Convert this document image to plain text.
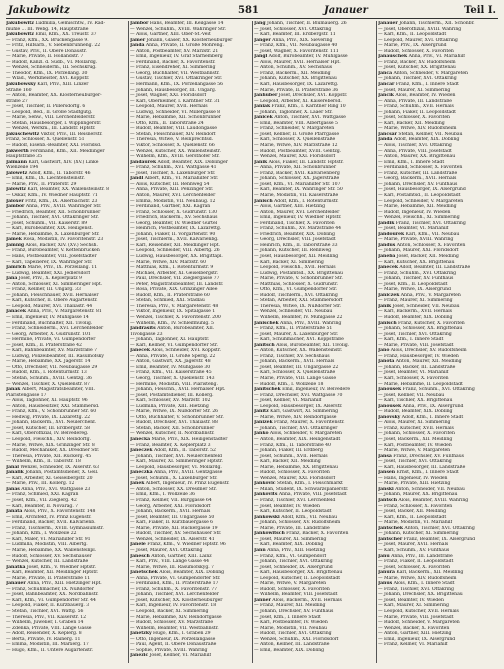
Jakubowitz	581	Janauer	Teil I.
Jakubowitz Ludmilla, Gemischtw., IV. Rad-
mühle ... III. Webg. 14, Hauptstraße
Jakubowitz Emil, Kfm., XX. Treustr. 37
— Franz, Kfm., XX. Brückengasse 9.
— Fritz, Hilfsarb., V. Siebenbrunneng. 22
— Gustav, Priv., II. Obere Donaustr.
— Marie, Private, II. Hollandstr. 7
— Rudolf, Kanzl. d. Südb., VI. Mollardg.
— Wenzel, Schneiderm., III. Sechskrüg.
— Theodor, Kfm., IX. Porzellang. 30
— Wlad., Werkmeister, XVI. Koppstr.
Jakubowsky Karl, Priv., XIII. Linzer
Straße 160
— Anton, Beamter, XX. Klosterneuburger-
straße 27
— Josef, Tischler, II. Pillersdorfg. 6
— Leopold, Bed., II. Große Stadtgutg.
— Marie, Sehw., VIII. Lerchenfelderstr.
— Stefan, Hausbesorger, I. Wipplingerstr.
— Wenzel, Werkm., III. Landstr. Hptstr.
Jakuschewitz Viktor, Priv., III. Reisnerstr.
Franz, Schlosser, X. Quellenstr. 51
— Rudolf, Eisenb.-Beamter, XXI. Floridsd.
Jakwerth Ferdinand, Kfm., XII. Meidlinger
Hauptstraße 35
Jalmann Karl, Gastwirt, XIV. (XV.) Linke
Wienzeile 194
Jalowetz Adolf, Kfm., II. Taborstr. 46
— Emil, Kfm., IX. Liechtensteinstr.
— Marie, Priv., II. Praterstr. 29
Jalowitz Karl, Beamter, XX. Wallensteinstr. 8
— Oskar, Kfm., IV. Wiedner Hauptstr. 71
Jaloxer Fritz, Kfm., IX. Alserbachstr. 23
Jambor Anna, Priv., XVIII. Währinger Str.
— Friedrich, Beamter, XII. Schönbrunner
— Johann, Tischler, XVI. Ottakringer Str.
— Josef, Schuhm., VII. Kaiserstr. 89
— Karl, Bürobeamter, XIX. Heiligenst.
— Marie, Hebamme, X. Laxenburger Str.
Jamek Rosa, Modistin, IV. Favoritenstr. 23
Jamnig Alois, Bäcker, XIV. (XV.) Sechsh.
— Franz, Bürobeamter, V. Kettenbrücken
— Hans, Postbeamter, VIII. Josefstädter
— Karl, Tapezierer, IX. Währinger Str.
Jamrich Marie, Priv., IX. Porzellang. 11
— Ludwig, Beamter, XXI. Jedlersdorf
Jana Josef, Priv., X. Keplerplatz 9
— Anton, Schlosser, XI. Simmeringer Hpt.
— Franz, Kellner, III. Ungarg. 33
— Johann, Fleischhauer, XVII. Hernalser
— Karl, Kutscher, II. Obere Augartenstr.
— Leopold, Maurer, XVI. Thaliastr. 44
Janacek Anna, Priv., V. Margaretenstr. 81
— Emil, Ingenieur, IV. Mühlgasse 14
— Ferdinand, Buchhalter, XII. Tivolig.
— Franz, Schneiderm., XVI. Lerchenfelder
— Georg, Arbeiter, X. Gudrunstr. 101
— Hermine, Private, VI. Gumpendorfer
— Josef, Kfm., II. Praterstraße 42
— Karl, Bahnbeamter, XV. Märzstraße 7
— Ludwig, Polizeibeamter, III. Rasumofsky
— Marie, Hebamme, XX. Jägerstr. 14
— Otto, Drechsler, VII. Neubaugasse 29
— Rudolf, Kfm., I. Rotenturmstr. 13
— Stefan, Schuhm., XVIII. Gentzg. 36
— Wenzel, Tischler, X. Quellenstr. 87
Janak Albert, Magistratsbeamter, VIII.
Piaristengasse 17
— Alois, Taglöhner, XI. Hauptstr. 96
— Anton, Hausbesitzer, XXI. Stammersd.
— Franz, Kfm., V. Schönbrunner Str. 60
— Hedwig, Private, IX. Lazarettg. 22
— Johann, Bäckerm., XVI. Neulerchenf.
— Josef, Kutscher, III. Erdbergstr. 58
— Karl, Oberoffizial, IV. Belvedereg.
— Leopold, Fleischh., XIV. Reindorfg.
— Marie, Witwe, XIX. Grinzinger Str. 8
— Rudolf, Mechaniker, XX. Dresdner Str.
— Theresia, Private, XII. Ruckerg. 45
— Wilhelm, Kfm., II. Taborstr. 18
Janal Wenzel, Schneider, IX. Alserstr. 63
Janalik Johann, Postamtsdiener, X. Gell.
— Karl, Arbeiter, XI. Geiselbergstr. 20
— Marie, Priv., III. Kollerg. 12
Janas Anna, Priv., XVI. Wattgasse 23
— Franz, Schmied, XXI. Kagran
— Josef, Kfm., VII. Zieglerg. 42
— Karl, Beamter, II. Novarag. 7
Janata Alois, Priv., X. Favoritenstr. 148
— Emil, Architekt, IV. Prinz Eugenstr.
— Ferdinand, Bäcker, XVII. Kalvarienb.
— Franz, Tischlerm., XVIII. Gymnasiumstr.
— Johann, Kfm., I. Wollzeile 22
— Karl, Maler, VI. Mariahilfer Str. 91
— Ludmilla, Modistin, VIII. Albertg.
— Marie, Hebamme, XX. Wallensteinpl.
— Rudolf, Schlosser, XV. Sechshauser
— Wenzel, Kutscher, III. Landstraße
Janatka Josef, Kfm., V. Wiedner Hptstr.
— Karl, Beamter, XII. Meidlinger Hptstr.
— Marie, Private, II. Praterstraße 11
Janauer Anna, Priv., XIII. Hietzinger Hpt.
— Franz, Schuhmacher, IX. Nußdorfer
— Josef, Bahnbeamter, XX. Nordbahnstr.
— Karl, Kfm., VI. Gumpendorfer Str. 44
— Leopold, Fiaker, II. Kurzbauerg. 3
— Stefan, Tischler, XVI. Wattg. 56
— Theresia, Priv., VII. Kaiserstr. 12
— Wilhelm, Juwelier, I. Graben 14
— Zdenka, Private, VIII. Lange Gasse
— Adolf, Reisender, X. Keplerg. 8
— Berta, Private, IV. Rainerg. 11
— Emma, Modistin, III. Marxerg. 17
— Hugo, Kfm., II. Untere Augartenstr.
Jambor Hans, Beamter, III. Keilgasse 14
— Wenzel, Schuhm., XVIII. Währinger Str.
— Alois, Gärtner, XIII. Ober-St.-Veit
Jamer Johann, Glaser, XX. Klosterneuburger
Janda Anna, Private, II. Große Mohreng.
— Anton, Postbeamter, XV. Märzstr. 21
— Emil, Ingenieur, IV. Graf Starhemberg
— Ferdinand, Bäcker, X. Favoritenstr.
— Franz, Eisendreher, XI. Simmering
— Georg, Buchhalter, VII. Westbahnstr.
— Gustav, Tischler, XVI. Ottakringer Str.
— Hermann, Kfm., IX. Porzellangasse 56
— Johann, Hausbesorger, III. Ungarg.
— Josef, Wagner, XXI. Floridsdorf
— Karl, Oberkellner, I. Kärntner Str. 31
— Leopold, Maurer, XVII. Hernals
— Ludwig, Schneider, VI. Millergasse 8
— Marie, Hebamme, XII. Schönbrunner
— Otto, Kfm., II. Taborstraße 24
— Rudolf, Beamter, VIII. Laudongasse
— Stefan, Fleischhauer, XIV. Reindorf
— Theresia, Witwe, V. Reinprechtsd.
— Viktor, Schlosser, X. Quellenstr. 66
— Wenzel, Kutscher, XX. Wallensteinstr.
— Wilhelm, Kfm., XVIII. Gersthofer Str.
Jandaurek Adolf, Beamter, XIX. Döblinger
— Franz, Schuhm., XVI. Wattgasse 41
— Josef, Tischler, X. Laxenburger Str.
Jandl Albert, Kfm., VI. Mariahilfer Str.
— Alois, Kutscher, III. Rennweg 54
— Anna, Private, XIII. Penzinger Str.
— Anton, Maurer, XVI. Lerchenfelder
— Emma, Modistin, VII. Neubaug. 12
— Ferdinand, Gärtner, XXI. Kagran
— Franz, Schlosser, X. Gudrunstr. 130
— Friedrich, Bäckerm., XV. Sechshaus
— Georg, Beamter, IV. Wiedner Gürtel
— Heinrich, Postbeamter, IX. Lazarettg.
— Johann, Fiaker, II. Vorgartenstr. 90
— Josef, Tischlerm., XVII. Kalvarienbg.
— Karl, Reisender, XII. Meidlinger Hpt.
— Leopold, Schneider, VIII. Albertg. 26
— Ludwig, Hausbesorger, XX. Brigittapl.
— Marie, Witwe, XIV. Märzstr. 60
— Matthias, Kfm., I. Rotenturmstr. 9
— Michael, Arbeiter, XI. Geiselbergstr.
— Paul, Drechsler, VII. Zieglergasse 77
— Peter, Magistratsbeamter, III. Landstr.
— Rosa, Private, XIX. Grinzinger Allee
— Rudolf, Kfm., II. Praterstraße 60
— Stefan, Schmied, XXI. Stadlau
— Theresia, Priv., V. Margaretenstr. 48
— Viktor, Ingenieur, IX. Spitalgasse 1
— Wenzel, Tischler, X. Favoritenstr. 200
— Wilhelm, Kfm., IV. Schleifmühlg. 5
Jandrasits Anton, Bürobeamter, XII.
Tivoligasse 23
— Johann, Taglöhner, XI. Hauptstr.
— Karl, Kellner, VI. Gumpendorfer Str.
Janecek Alois, Schneider, XVI. Koppstr.
— Anna, Private, II. Große Sperlg. 22
— Anton, Gastwirt, XX. Jägerstr. 48
— Emil, Beamter, IV. Mühlgasse 30
— Franz, Kfm., VII. Kaiserstraße 45
— Georg, Tischler, X. Quellenstr. 143
— Hermine, Modistin, VIII. Piaristeng.
— Johann, Fleischh., XVII. Hernalser Hpt.
— Josef, Postamtsdiener, III. Kollerg.
— Karl, Schlosser, XV. Märzstr. 102
— Ludmilla, Private, XIII. Hietzing
— Marie, Witwe, IX. Nußdorfer Str. 26
— Otto, Buchhalter, V. Schönbrunner Str.
— Rudolf, Drechsler, XVI. Thaliastr. 88
— Stefan, Bäcker, XII. Schönbrunner
— Wenzel, Kutscher, II. Nordbahnstr.
Janecka Marie, Priv., XIX. Heiligenstädter
— Franz, Beamter, X. Keplerplatz 3
Janeczek Adolf, Kfm., II. Taborstr. 52
— Johann, Tischler, XVI. Neulerchenfeld
— Karl, Maurer, XI. Simmeringer Hptstr.
— Leopold, Hausbesorger, VI. Mollardg.
Janeczka Anna, Priv., XVIII. Gentzgasse
— Josef, Schuhm., X. Laxenburger Str.
Janek Albert, Ingenieur, IV. Prinz Eugenstr.
— Anton, Schlosser, XX. Dresdner Str.
— Emil, Kfm., I. Wollzeile 36
— Franz, Kellner, VII. Burggasse 64
— Georg, Arbeiter, XXI. Floridsdorf
— Johann, Bäckerm., XVII. Hernals
— Josef, Beamter, III. Ungargasse 50
— Karl, Fiaker, II. Kurzbauergasse 6
— Marie, Private, XII. Ruckergasse 19
— Rudolf, Tischler, XV. Sechshauser Str.
— Wenzel, Schneider, IX. Alserstr. 41
Janele Franz, Kfm., V. Wiedner Hptstr. 96
— Josef, Maurer, XVI. Ottakring
Janesch Anton, Gärtner, XIII. Lainz
— Karl, Priv., VIII. Lange Gasse 44
— Marie, Witwe, III. Rasumofskyg. 7
Janetschek Alois, Beamter, XIX. Döbling
— Anna, Private, VI. Gumpendorfer Str.
— Ferdinand, Kfm., II. Praterstraße 17
— Franz, Schuhm., X. Favoritenstr. 77
— Johann, Tischler, XVI. Lerchenfelder
— Josef, Kutscher, XX. Klosterneuburger
— Karl, Ingenieur, IV. Favoritenstr. 18
— Leopold, Bäcker, XI. Simmering
— Marie, Hebamme, XIV. Reindorfgasse
— Rudolf, Schlosser, XV. Märzstraße
— Wilhelm, Beamter, VII. Westbahnstr.
Janetzky Hugo, Kfm., I. Graben 29
— Otto, Ingenieur, IX. Porzellangasse
— Paul, Agent, II. Obere Donaustraße
— Sophie, Private, XVIII. Währing
Janezic Josef, Kellner, VI. Mariahilf
Jang Johann, Tischler, II. Blumauerg. 26
— Josef, Schlosser, XVI. Ottakring
— Karl, Beamter, III. Erdbergstr. 11
Janger Anna, Priv., XIX. Sievering
— Franz, Kfm., VII. Neubaugasse 40
— Josef, Wagner, X. Favoritenstr. 111
Jangl Adolf, Bürobeamter, IV. Mühlgasse
— Alois, Maurer, XVII. Hernalser Hpt.
— Anton, Schuhm., XV. Sechshaus
— Franz, Bäckerm., XII. Meidling
— Johann, Kutscher, XX. Brigittenau
— Karl, Hausbesorger, IX. Lazarettg.
— Marie, Private, II. Praterstraße 36
Janhuber Josef, Drechsler, XVI. Koppstr.
— Leopold, Arbeiter, XI. Kaiserebersd.
Janiak Franz, Kfm., I. Kärntner Ring 10
— Johann, Taglöhner, X. Laaer Str.
Janicek Anton, Tischler, XVI. Wattgasse
— Emil, Beamter, VIII. Albertgasse 5
— Franz, Schneider, V. Margareten
— Josef, Kellner, II. Große Pfarrgasse
— Karl, Schlosser, X. Quellenstraße
— Marie, Witwe, XIV. Märzstraße 12
— Rudolf, Postbeamter, XVIII. Gentzg.
— Wenzel, Maurer, XXI. Floridsdorf
Janik Alois, Fiaker, III. Landstr. Hptstr.
— Anna, Private, XII. Schönbrunner
— Franz, Bäcker, XVII. Kalvarienberg
— Johann, Schlosser, XX. Jägerstraße
— Josef, Kfm., VI. Mariahilfer Str. 107
— Karl, Beamter, IX. Währinger Str. 50
— Marie, Modistin, VII. Kaiserstraße
Janisch Adolf, Kfm., I. Rotenturmstr.
— Alois, Gärtner, XIII. Hietzing
— Anton, Maurer, XVI. Lerchenfelder
— Emil, Ingenieur, IV. Wiedner Hptstr.
— Ferdinand, Tischler, X. Favoriten
— Franz, Schuhm., XV. Märzstraße 44
— Friedrich, Beamter, XIX. Döbling
— Georg, Drechsler, VIII. Josefstadt
— Heinrich, Kfm., II. Taborstraße 33
— Johann, Kutscher, III. Rennweg
— Josef, Hausbesorger, XII. Meidling
— Karl, Bäcker, XI. Simmering
— Leopold, Fleischh., XVII. Hernals
— Ludwig, Postamtsd., XX. Brigittenau
— Marie, Private, V. Schönbrunner Str.
— Matthias, Schlosser, X. Gudrunstr.
— Otto, Kfm., VI. Gumpendorfer Str.
— Rudolf, Tischlerm., XVI. Ottakring
— Stefan, Arbeiter, XXI. Stammersdorf
— Theresia, Witwe, IX. Nußdorfer Str.
— Wenzel, Schneider, VII. Neubau
— Wilhelm, Beamter, IV. Mühlgasse 22
Janischek Anna, Priv., XVIII. Währing
— Franz, Kfm., II. Praterstraße 51
— Josef, Maurer, X. Laxenburger Str.
— Karl, Schuhmacher, XVI. Koppstraße
Janitsch Alois, Bürobeamter, XII. Tivolig.
— Anton, Kutscher, XX. Wallensteinstr.
— Franz, Tischler, XV. Sechshaus
— Johann, Bäckerm., XVII. Hernals
— Josef, Beamter, III. Ungargasse 22
— Karl, Schlosser, X. Quellenstraße
— Marie, Private, VIII. Lange Gasse
— Rudolf, Kfm., I. Wollzeile 18
Janitschek Emil, Ingenieur, IV. Belvedere
— Franz, Drechsler, XVI. Wattgasse 70
— Josef, Kellner, VI. Mariahilf
— Leopold, Hausbesorger, IX. Alserstr.
Janitz Karl, Gastwirt, XI. Simmering
— Marie, Witwe, XIV. Reindorfgasse
Janizek Franz, Maurer, X. Favoritenstr.
— Johann, Tischler, XVI. Ottakringer
Janko Alois, Schneider, V. Margareten
— Anton, Beamter, XIX. Heiligenstadt
— Franz, Kfm., II. Taborstraße 40
— Johann, Fiaker, III. Erdberg
— Josef, Schuhm., XVII. Hernals
— Karl, Bäcker, XII. Meidling
— Marie, Hebamme, XX. Brigittenau
— Rudolf, Schlosser, X. Favoriten
— Wenzel, Maurer, XXI. Floridsdorf
Jankovic Stefan, Kfm., I. Fleischmarkt
— Milan, Student, IX. Schwarzspanierstr.
Jankovits Anna, Private, VIII. Josefstadt
— Franz, Tischler, XVI. Lerchenfeld
— Josef, Beamter, IV. Wieden
— Karl, Kutscher, II. Leopoldstadt
Jankowski Adolf, Kfm., VII. Neubau
— Johann, Schlosser, XV. Rudolfsheim
— Marie, Private, III. Landstraße
Jankowitsch Franz, Bäcker, X. Favoriten
— Josef, Maurer, XI. Simmering
— Karl, Beamter, XIX. Döbling
Jann Anna, Priv., XIII. Hietzing
— Franz, Kfm., VI. Gumpendorf
— Johann, Tischler, XVI. Ottakring
— Josef, Schneider, IX. Alsergrund
— Karl, Hausbesorger, XX. Brigittenau
— Leopold, Kutscher, II. Leopoldstadt
— Marie, Witwe, V. Margareten
— Rudolf, Schlosser, X. Favoriten
— Wilhelm, Beamter, VIII. Josefstadt
Janner Alois, Bäckerm., XVII. Hernals
— Franz, Maurer, XII. Meidling
— Johann, Drechsler, XV. Fünfhaus
— Josef, Kfm., I. Innere Stadt
— Karl, Postbeamter, IV. Wieden
— Marie, Modistin, VII. Neubau
— Rudolf, Tischler, XVI. Ottakring
— Wenzel, Schuhm., XXI. Floridsdorf
— Anton, Kellner, III. Landstraße
— Emil, Beamter, XIX. Döbling
Janauer Johann, Tischlerm., XII. Schönbr.
— Josef, Oberoffizial, XVIII. Währing
— Karl, Kfm., II. Leopoldstadt
— Leopold, Maurer, XVI. Ottakring
— Marie, Priv., IX. Alsergrund
— Rudolf, Schlosser, X. Favoriten
Janauschek Anna, Priv., VI. Mariahilf
— Franz, Bäcker, XV. Rudolfsheim
— Josef, Kutscher, XX. Brigittenau
Janca Anton, Schneider, V. Margareten
— Johann, Tischler, XVI. Ottakring
Jancar Franz, Kfm., I. Innere Stadt
— Josef, Maurer, XI. Simmering
Jancik Alois, Beamter, IV. Wieden
— Anna, Private, III. Landstraße
— Franz, Schuhm., XVII. Hernals
— Johann, Fiaker, II. Leopoldstadt
— Josef, Schlosser, X. Favoriten
— Karl, Bäcker, XII. Meidling
— Marie, Witwe, XIV. Rudolfsheim
Jancsar Stefan, Kellner, VII. Neubau
Janda Adolf, Beamter, XIX. Döbling
— Alois, Tischler, XVI. Ottakring
— Anna, Private, VIII. Josefstadt
— Anton, Maurer, XX. Brigittenau
— Emil, Kfm., I. Innere Stadt
— Ferdinand, Schlosser, X. Favoriten
— Franz, Kutscher, III. Landstraße
— Georg, Bäckerm., XVII. Hernals
— Johann, Drechsler, XV. Fünfhaus
— Josef, Hausbesorger, IX. Alsergrund
— Karl, Postamtsd., II. Leopoldstadt
— Leopold, Schneider, V. Margareten
— Marie, Hebamme, XII. Meidling
— Rudolf, Ingenieur, IV. Wieden
— Wenzel, Fleischh., XI. Simmering
Jandik Franz, Tischler, XVI. Ottakring
— Josef, Beamter, VI. Mariahilf
Jandourek Karl, Kfm., VII. Neubau
— Marie, Private, XVIII. Währing
Jandus Anton, Schlosser, X. Favoriten
— Johann, Maurer, XXI. Floridsdorf
Janeba Josef, Bäcker, XII. Meidling
— Karl, Kutscher, XX. Brigittenau
Janecek Adolf, Beamter, III. Landstraße
— Franz, Schuhm., XVI. Ottakring
— Johann, Tischler, XV. Fünfhaus
— Josef, Kfm., II. Leopoldstadt
— Marie, Witwe, IX. Alsergrund
Janiczek Anna, Priv., V. Margareten
— Franz, Maurer, XI. Simmering
Janik Josef, Schneider, VII. Neubau
— Karl, Bäckerm., XVII. Hernals
— Rudolf, Beamter, XIX. Döbling
Janisch Franz, Kutscher, X. Favoriten
— Johann, Schlosser, XX. Brigittenau
— Josef, Tischler, XVI. Ottakring
— Karl, Kfm., I. Innere Stadt
— Marie, Private, VIII. Josefstadt
Jano Alois, Drechsler, XV. Rudolfsheim
— Franz, Hausbesorger, IV. Wieden
Janota Anton, Maurer, XII. Meidling
— Johann, Bäcker, III. Landstraße
— Josef, Beamter, VI. Mariahilf
— Karl, Schlosser, X. Favoriten
— Marie, Hebamme, II. Leopoldstadt
Janousek Franz, Schuhm., XVI. Ottakring
— Josef, Kellner, VII. Neubau
— Karl, Tischler, XX. Brigittenau
Janoušek Anna, Priv., IX. Alsergrund
— Rudolf, Beamter, XIX. Döbling
Janovsky Adolf, Kfm., I. Innere Stadt
— Alois, Maurer, XI. Simmering
— Franz, Kutscher, XVII. Hernals
— Johann, Schlosser, X. Favoriten
— Josef, Bäckerm., XII. Meidling
— Karl, Postbeamter, IV. Wieden
— Marie, Witwe, V. Margareten
Jansa Franz, Drechsler, XV. Fünfhaus
— Josef, Tischler, XVI. Ottakring
— Karl, Hausbesorger, III. Landstraße
Jansen Ernst, Kfm., I. Innere Stadt
— Hans, Ingenieur, IV. Wieden
— Marie, Private, XIII. Hietzing
Janski Anton, Schneider, VII. Neubau
— Johann, Maurer, XX. Brigittenau
Jantsch Alois, Beamter, XVIII. Währing
— Franz, Schlosser, X. Favoriten
— Josef, Bäcker, XII. Meidling
— Karl, Kfm., II. Leopoldstadt
— Marie, Modistin, VI. Mariahilf
Jantschek Anton, Tischler, XVI. Ottakring
— Johann, Kutscher, XI. Simmering
Jantscher Franz, Beamter, IX. Alsergrund
— Josef, Maurer, XVII. Hernals
— Karl, Schuhm., XV. Fünfhaus
Janu Anna, Priv., III. Landstraße
— Franz, Fiaker, II. Leopoldstadt
— Josef, Schlosser, X. Favoriten
Janura Karl, Bäckerm., XII. Meidling
— Marie, Witwe, XIV. Rudolfsheim
Janus Alois, Kfm., I. Innere Stadt
— Franz, Tischler, XVI. Ottakring
— Johann, Drechsler, XX. Brigittenau
— Josef, Beamter, IV. Wieden
— Karl, Maurer, XI. Simmering
— Leopold, Kutscher, XVII. Hernals
— Marie, Private, VIII. Josefstadt
— Rudolf, Schneider, V. Margareten
— Wenzel, Bäcker, X. Favoriten
— Anton, Gärtner, XIII. Hietzing
— Emil, Ingenieur, IX. Alsergrund
— Franz, Kellner, VI. Mariahilf
